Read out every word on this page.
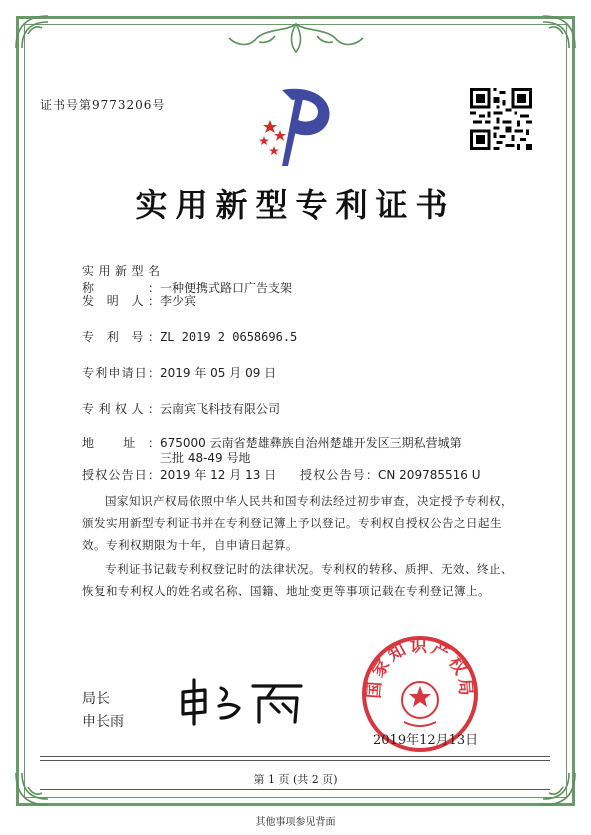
证书号第9773206号
实用新型专利证书
实用新型名称：一种便携式路口广告支架
发 明 人：李少宾
专 利 号：ZL 2019 2 0658696.5
专利申请日：2019 年 05 月 09 日
专利权人：云南宾飞科技有限公司
地 址：675000 云南省楚雄彝族自治州楚雄开发区三期私营城第
三批 48-49 号地
授权公告日：2019 年 12 月 13 日 授权公告号：CN 209785516 U
国家知识产权局依照中华人民共和国专利法经过初步审查，决定授予专利权，颁发实用新型专利证书并在专利登记簿上予以登记。专利权自授权公告之日起生效。专利权期限为十年，自申请日起算。
专利证书记载专利权登记时的法律状况。专利权的转移、质押、无效、终止、恢复和专利权人的姓名或名称、国籍、地址变更等事项记载在专利登记簿上。
局长
申长雨
国家知识产权局
2019年12月13日
第 1 页 (共 2 页)
其他事项参见背面
